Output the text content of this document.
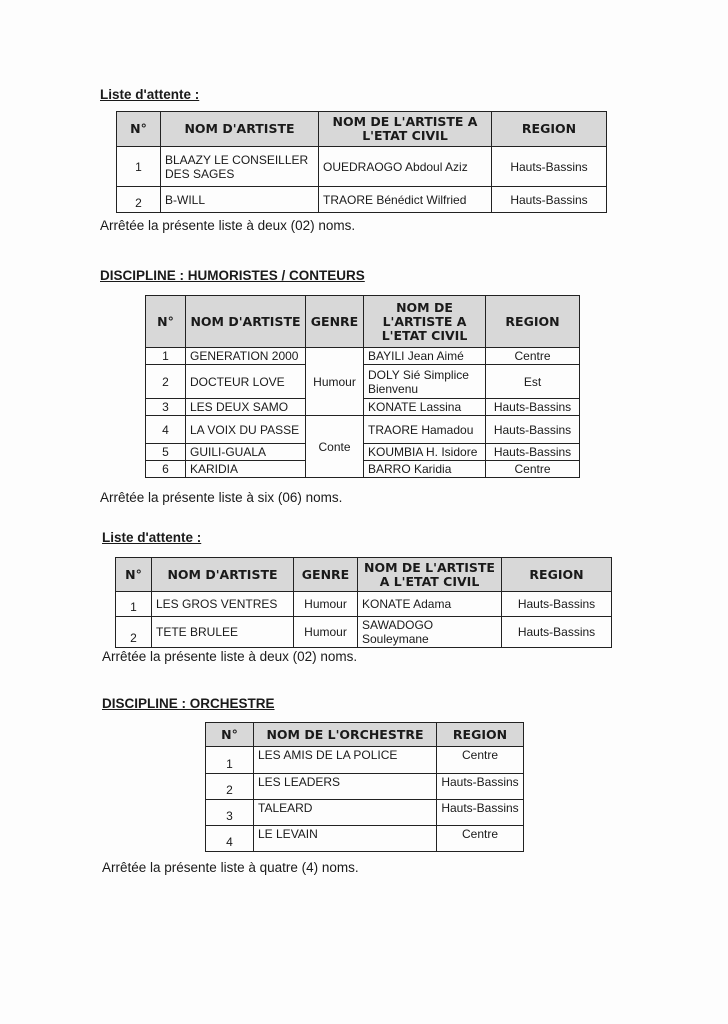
Liste d'attente :
N°	NOM D'ARTISTE	NOM DE L'ARTISTE A L'ETAT CIVIL	REGION
1	BLAAZY LE CONSEILLER DES SAGES	OUEDRAOGO Abdoul Aziz	Hauts-Bassins
2	B-WILL	TRAORE Bénédict Wilfried	Hauts-Bassins
Arrêtée la présente liste à deux (02) noms.
DISCIPLINE : HUMORISTES / CONTEURS
N°	NOM D'ARTISTE	GENRE	NOM DE L'ARTISTE A L'ETAT CIVIL	REGION
1	GENERATION 2000	Humour	BAYILI Jean Aimé	Centre
2	DOCTEUR LOVE		DOLY Sié Simplice Bienvenu	Est
3	LES DEUX SAMO		KONATE Lassina	Hauts-Bassins
4	LA VOIX DU PASSE	Conte	TRAORE Hamadou	Hauts-Bassins
5	GUILI-GUALA		KOUMBIA H. Isidore	Hauts-Bassins
6	KARIDIA		BARRO Karidia	Centre
Arrêtée la présente liste à six (06) noms.
Liste d'attente :
N°	NOM D'ARTISTE	GENRE	NOM DE L'ARTISTE A L'ETAT CIVIL	REGION
1	LES GROS VENTRES	Humour	KONATE Adama	Hauts-Bassins
2	TETE BRULEE	Humour	SAWADOGO Souleymane	Hauts-Bassins
Arrêtée la présente liste à deux (02) noms.
DISCIPLINE : ORCHESTRE
N°	NOM DE L'ORCHESTRE	REGION
1	LES AMIS DE LA POLICE	Centre
2	LES LEADERS	Hauts-Bassins
3	TALEARD	Hauts-Bassins
4	LE LEVAIN	Centre
Arrêtée la présente liste à quatre (4) noms.
